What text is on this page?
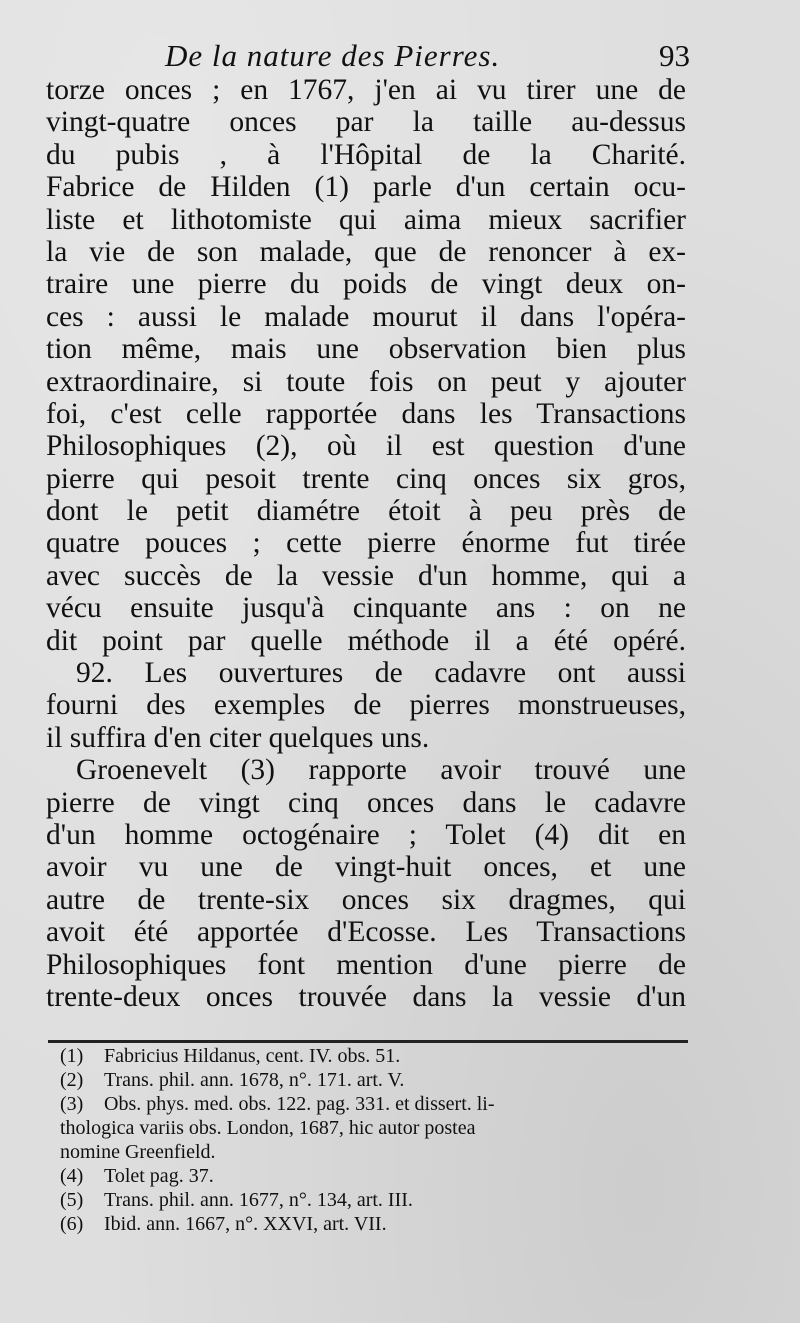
De la nature des Pierres.	93
torze onces ; en 1767, j'en ai vu tirer une de
vingt-quatre onces par la taille au-dessus
du pubis , à l'Hôpital de la Charité.
Fabrice de Hilden (1) parle d'un certain ocu-
liste et lithotomiste qui aima mieux sacrifier
la vie de son malade, que de renoncer à ex-
traire une pierre du poids de vingt deux on-
ces : aussi le malade mourut il dans l'opéra-
tion même, mais une observation bien plus
extraordinaire, si toute fois on peut y ajouter
foi, c'est celle rapportée dans les Transactions
Philosophiques (2), où il est question d'une
pierre qui pesoit trente cinq onces six gros,
dont le petit diamétre étoit à peu près de
quatre pouces ; cette pierre énorme fut tirée
avec succès de la vessie d'un homme, qui a
vécu ensuite jusqu'à cinquante ans : on ne
dit point par quelle méthode il a été opéré.
92. Les ouvertures de cadavre ont aussi
fourni des exemples de pierres monstrueuses,
il suffira d'en citer quelques uns.
Groenevelt (3) rapporte avoir trouvé une
pierre de vingt cinq onces dans le cadavre
d'un homme octogénaire ; Tolet (4) dit en
avoir vu une de vingt-huit onces, et une
autre de trente-six onces six dragmes, qui
avoit été apportée d'Ecosse. Les Transactions
Philosophiques font mention d'une pierre de
trente-deux onces trouvée dans la vessie d'un
(1) Fabricius Hildanus, cent. IV. obs. 51.
(2) Trans. phil. ann. 1678, n°. 171. art. V.
(3) Obs. phys. med. obs. 122. pag. 331. et dissert. li-
thologica variis obs. London, 1687, hic autor postea
nomine Greenfield.
(4) Tolet pag. 37.
(5) Trans. phil. ann. 1677, n°. 134, art. III.
(6) Ibid. ann. 1667, n°. XXVI, art. VII.
